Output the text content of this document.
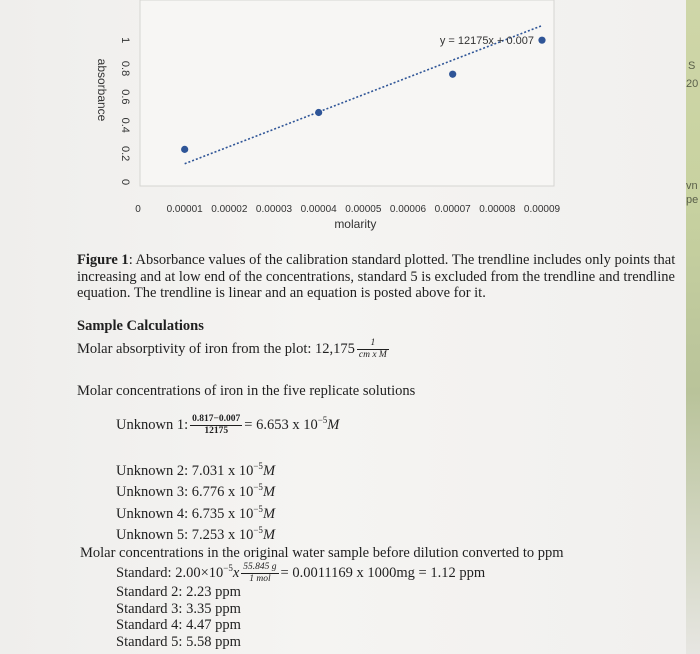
S
20
vn
pe
0
0.2
0.4
0.6
0.8
1
absorbance
0	0.00001 0.00002 0.00003 0.00004 0.00005 0.00006 0.00007 0.00008 0.00009
molarity
y = 12175x + 0.007
Figure 1: Absorbance values of the calibration standard plotted. The trendline includes only points that
increasing and at low end of the concentrations, standard 5 is excluded from the trendline and trendline
equation. The trendline is linear and an equation is posted above for it.
Sample Calculations
Molar absorptivity of iron from the plot: $12,175 \frac{1}{\text{cm x M}}$
Molar concentrations of iron in the five replicate solutions
Unknown 1: $\frac{0.817-0.007}{12175} = 6.653$ x $10^{-5}M$
Unknown 2: 7.031 x $10^{-5}M$
Unknown 3: 6.776 x $10^{-5}M$
Unknown 4: 6.735 x $10^{-5}M$
Unknown 5: 7.253 x $10^{-5}M$
Molar concentrations in the original water sample before dilution converted to ppm
Standard: $2.00\times 10^{-5}x \frac{55.845 g}{\text{1 mol}} = 0.0011169$ x 1000mg = 1.12 ppm
Standard 2: 2.23 ppm
Standard 3: 3.35 ppm
Standard 4: 4.47 ppm
Standard 5: 5.58 ppm
